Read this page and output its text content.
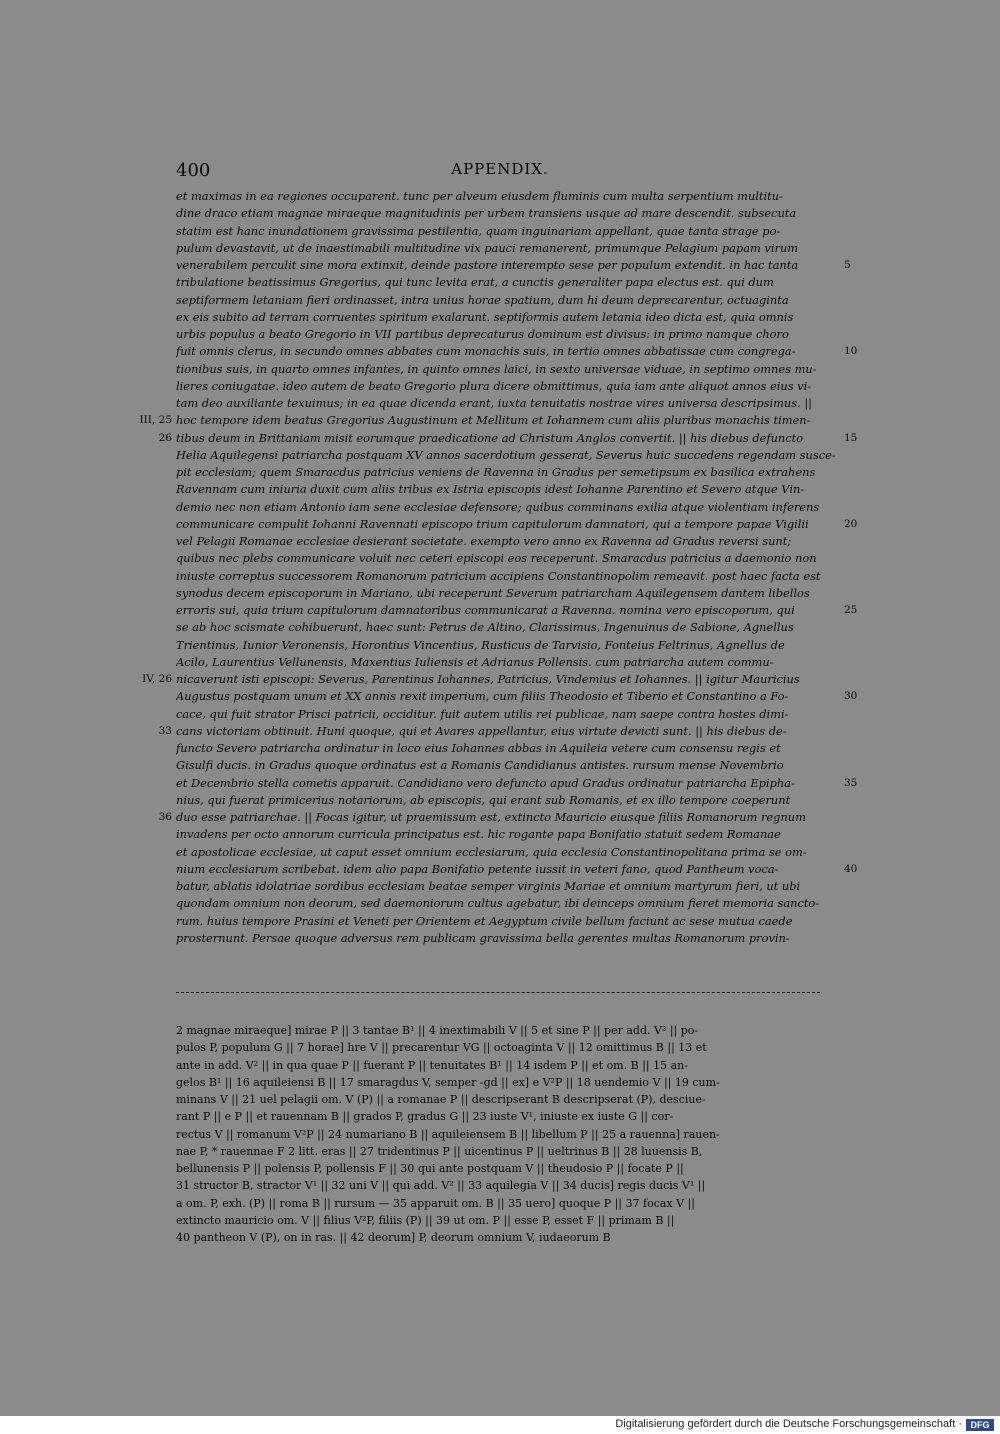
400	APPENDIX.
et maximas in ea regiones occuparent. tunc per alveum eiusdem fluminis cum multa serpentium multitu-
dine draco etiam magnae miraeque magnitudinis per urbem transiens usque ad mare descendit. subsecuta
statim est hanc inundationem gravissima pestilentia, quam inguinariam appellant, quae tanta strage po-
pulum devastavit, ut de inaestimabili multitudine vix pauci remanerent, primumque Pelagium papam virum
venerabilem perculit sine mora extinxit, deinde pastore interempto sese per populum extendit. in hac tanta	5
tribulatione beatissimus Gregorius, qui tunc levita erat, a cunctis generaliter papa electus est. qui dum
septiformem letaniam fieri ordinasset, intra unius horae spatium, dum hi deum deprecarentur, octuaginta
ex eis subito ad terram corruentes spiritum exalarunt. septiformis autem letania ideo dicta est, quia omnis
urbis populus a beato Gregorio in VII partibus deprecaturus dominum est divisus: in primo namque choro
fuit omnis clerus, in secundo omnes abbates cum monachis suis, in tertio omnes abbatissae cum congrega-	10
tionibus suis, in quarto omnes infantes, in quinto omnes laici, in sexto universae viduae, in septimo omnes mu-
lieres coniugatae. ideo autem de beato Gregorio plura dicere obmittimus, quia iam ante aliquot annos eius vi-
tam deo auxiliante texuimus; in ea quae dicenda erant, iuxta tenuitatis nostrae vires universa descripsimus. ||
III, 25 hoc tempore idem beatus Gregorius Augustinum et Mellitum et Iohannem cum aliis pluribus monachis timen-
26 tibus deum in Brittaniam misit eorumque praedicatione ad Christum Anglos convertit. || his diebus defuncto	15
Helia Aquilegensi patriarcha postquam XV annos sacerdotium gesserat, Severus huic succedens regendam susce-
pit ecclesiam; quem Smaracdus patricius veniens de Ravenna in Gradus per semetipsum ex basilica extrahens
Ravennam cum iniuria duxit cum aliis tribus ex Istria episcopis idest Iohanne Parentino et Severo atque Vin-
demio nec non etiam Antonio iam sene ecclesiae defensore; quibus comminans exilia atque violentiam inferens
communicare compulit Iohanni Ravennati episcopo trium capitulorum damnatori, qui a tempore papae Vigilii	20
vel Pelagii Romanae ecclesiae desierant societate. exempto vero anno ex Ravenna ad Gradus reversi sunt;
quibus nec plebs communicare voluit nec ceteri episcopi eos receperunt. Smaracdus patricius a daemonio non
iniuste correptus successorem Romanorum patricium accipiens Constantinopolim remeavit. post haec facta est
synodus decem episcoporum in Mariano, ubi receperunt Severum patriarcham Aquilegensem dantem libellos
erroris sui, quia trium capitulorum damnatoribus communicarat a Ravenna. nomina vero episcoporum, qui	25
se ab hoc scismate cohibuerunt, haec sunt: Petrus de Altino, Clarissimus, Ingenuinus de Sabione, Agnellus
Trientinus, Iunior Veronensis, Horontius Vincentius, Rusticus de Tarvisio, Fonteius Feltrinus, Agnellus de
Acilo, Laurentius Vellunensis, Maxentius Iuliensis et Adrianus Pollensis. cum patriarcha autem commu-
IV, 26 nicaverunt isti episcopi: Severus, Parentinus Iohannes, Patricius, Vindemius et Iohannes. || igitur Mauricius
Augustus postquam unum et XX annis rexit imperium, cum filiis Theodosio et Tiberio et Constantino a Fo-	30
cace, qui fuit strator Prisci patricii, occiditur. fuit autem utilis rei publicae, nam saepe contra hostes dimi-
33 cans victoriam obtinuit. Huni quoque, qui et Avares appellantur, eius virtute devicti sunt. || his diebus de-
functo Severo patriarcha ordinatur in loco eius Iohannes abbas in Aquileia vetere cum consensu regis et
Gisulfi ducis. in Gradus quoque ordinatus est a Romanis Candidianus antistes. rursum mense Novembrio
et Decembrio stella cometis apparuit. Candidiano vero defuncto apud Gradus ordinatur patriarcha Epipha-	35
nius, qui fuerat primicerius notariorum, ab episcopis, qui erant sub Romanis, et ex illo tempore coeperunt
36 duo esse patriarchae. || Focas igitur, ut praemissum est, extincto Mauricio eiusque filiis Romanorum regnum
invadens per octo annorum curricula principatus est. hic rogante papa Bonifatio statuit sedem Romanae
et apostolicae ecclesiae, ut caput esset omnium ecclesiarum, quia ecclesia Constantinopolitana prima se om-
nium ecclesiarum scribebat. idem alio papa Bonifatio petente iussit in veteri fano, quod Pantheum voca-	40
batur, ablatis idolatriae sordibus ecclesiam beatae semper virginis Mariae et omnium martyrum fieri, ut ubi
quondam omnium non deorum, sed daemoniorum cultus agebatur, ibi deinceps omnium fieret memoria sancto-
rum. huius tempore Prasini et Veneti per Orientem et Aegyptum civile bellum faciunt ac sese mutua caede
prosternunt. Persae quoque adversus rem publicam gravissima bella gerentes multas Romanorum provin-
2 magnae miraeque] mirae P || 3 tantae B¹ || 4 inextimabili V || 5 et sine P || per add. V² || po-
pulos P, populum G || 7 horae] hre V || precarentur VG || octoaginta V || 12 omittimus B || 13 et
ante in add. V² || in qua quae P || fuerant P || tenuitates B¹ || 14 isdem P || et om. B || 15 an-
gelos B¹ || 16 aquileiensi B || 17 smaragdus V, semper -gd || ex] e V²P || 18 uendemio V || 19 cum-
minans V || 21 uel pelagii om. V (P) || a romanae P || descripserant B descripserat (P), desciue-
rant P || e P || et rauennam B || grados P, gradus G || 23 iuste V¹, iniuste ex iuste G || cor-
rectus V || romanum V²P || 24 numariano B || aquileiensem B || libellum P || 25 a rauenna] rauen-
nae P, * rauennae F 2 litt. eras || 27 tridentinus P || uicentinus P || ueltrinus B || 28 luuensis B,
bellunensis P || polensis P, pollensis F || 30 qui ante postquam V || theudosio P || focate P ||
31 structor B, stractor V¹ || 32 uni V || qui add. V² || 33 aquilegia V || 34 ducis] regis ducis V¹ ||
a om. P, exh. (P) || roma B || rursum — 35 apparuit om. B || 35 uero] quoque P || 37 focax V ||
extincto mauricio om. V || filius V²P, filiis (P) || 39 ut om. P || esse P, esset F || primam B ||
40 pantheon V (P), on in ras. || 42 deorum] P, deorum omnium V, iudaeorum B
Digitalisierung gefördert durch die Deutsche Forschungsgemeinschaft · DFG
